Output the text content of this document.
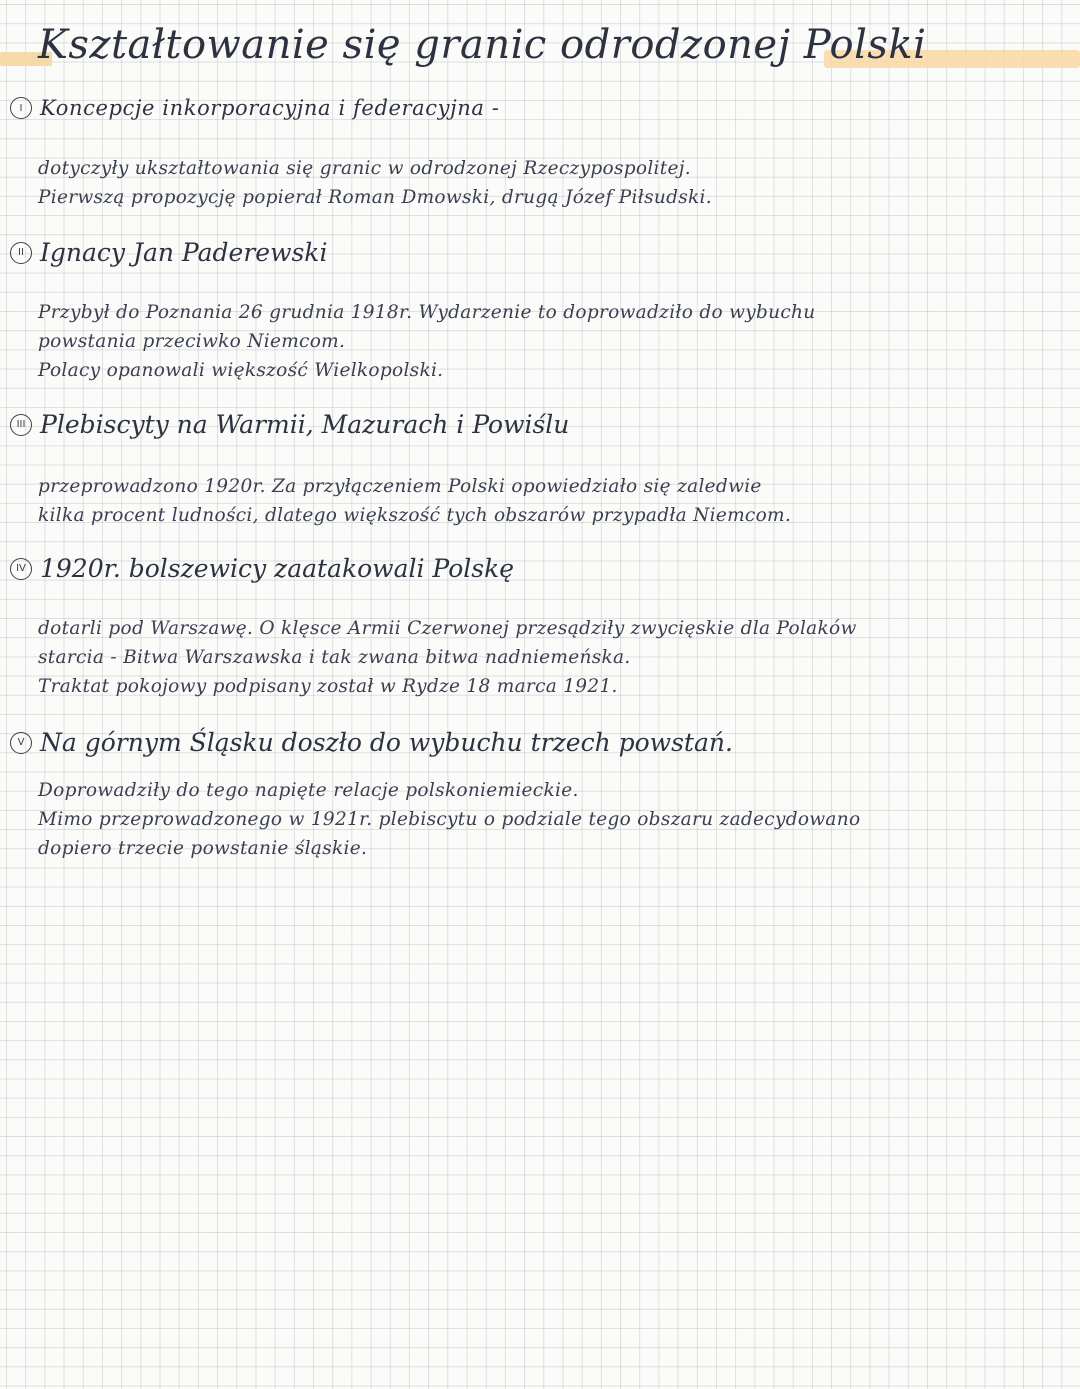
Kształtowanie się granic odrodzonej Polski
I Koncepcje inkorporacyjna i federacyjna -
dotyczyły ukształtowania się granic w odrodzonej Rzeczypospolitej.
Pierwszą propozycję popierał Roman Dmowski, drugą Józef Piłsudski.
II Ignacy Jan Paderewski
Przybył do Poznania 26 grudnia 1918r. Wydarzenie to doprowadziło do wybuchu
powstania przeciwko Niemcom.
Polacy opanowali większość Wielkopolski.
III Plebiscyty na Warmii, Mazurach i Powiślu
przeprowadzono 1920r. Za przyłączeniem Polski opowiedziało się zaledwie
kilka procent ludności, dlatego większość tych obszarów przypadła Niemcom.
IV 1920r. bolszewicy zaatakowali Polskę
dotarli pod Warszawę. O klęsce Armii Czerwonej przesądziły zwycięskie dla Polaków
starcia - Bitwa Warszawska i tak zwana bitwa nadniemeńska.
Traktat pokojowy podpisany został w Rydze 18 marca 1921.
V Na górnym Śląsku doszło do wybuchu trzech powstań.
Doprowadziły do tego napięte relacje polskoniemieckie.
Mimo przeprowadzonego w 1921r. plebiscytu o podziale tego obszaru zadecydowano
dopiero trzecie powstanie śląskie.
